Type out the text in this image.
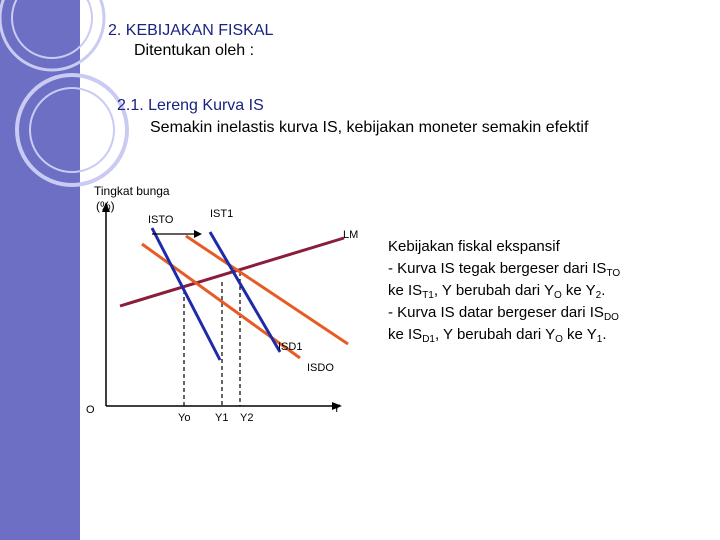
2. KEBIJAKAN FISKAL
Ditentukan oleh :
2.1. Lereng Kurva IS
Semakin inelastis kurva IS, kebijakan moneter semakin efektif
Tingkat bunga
(%)
ISTO	IST1
LM
ISD1
ISDO
O	Y
Yo Y1 Y2
Kebijakan fiskal ekspansif
- Kurva IS tegak bergeser dari $IS_{TO}$
ke $IS_{T1}$, Y berubah dari $Y_O$ ke $Y_2$.
- Kurva IS datar bergeser dari $IS_{DO}$
ke $IS_{D1}$, Y berubah dari $Y_O$ ke $Y_1$.
